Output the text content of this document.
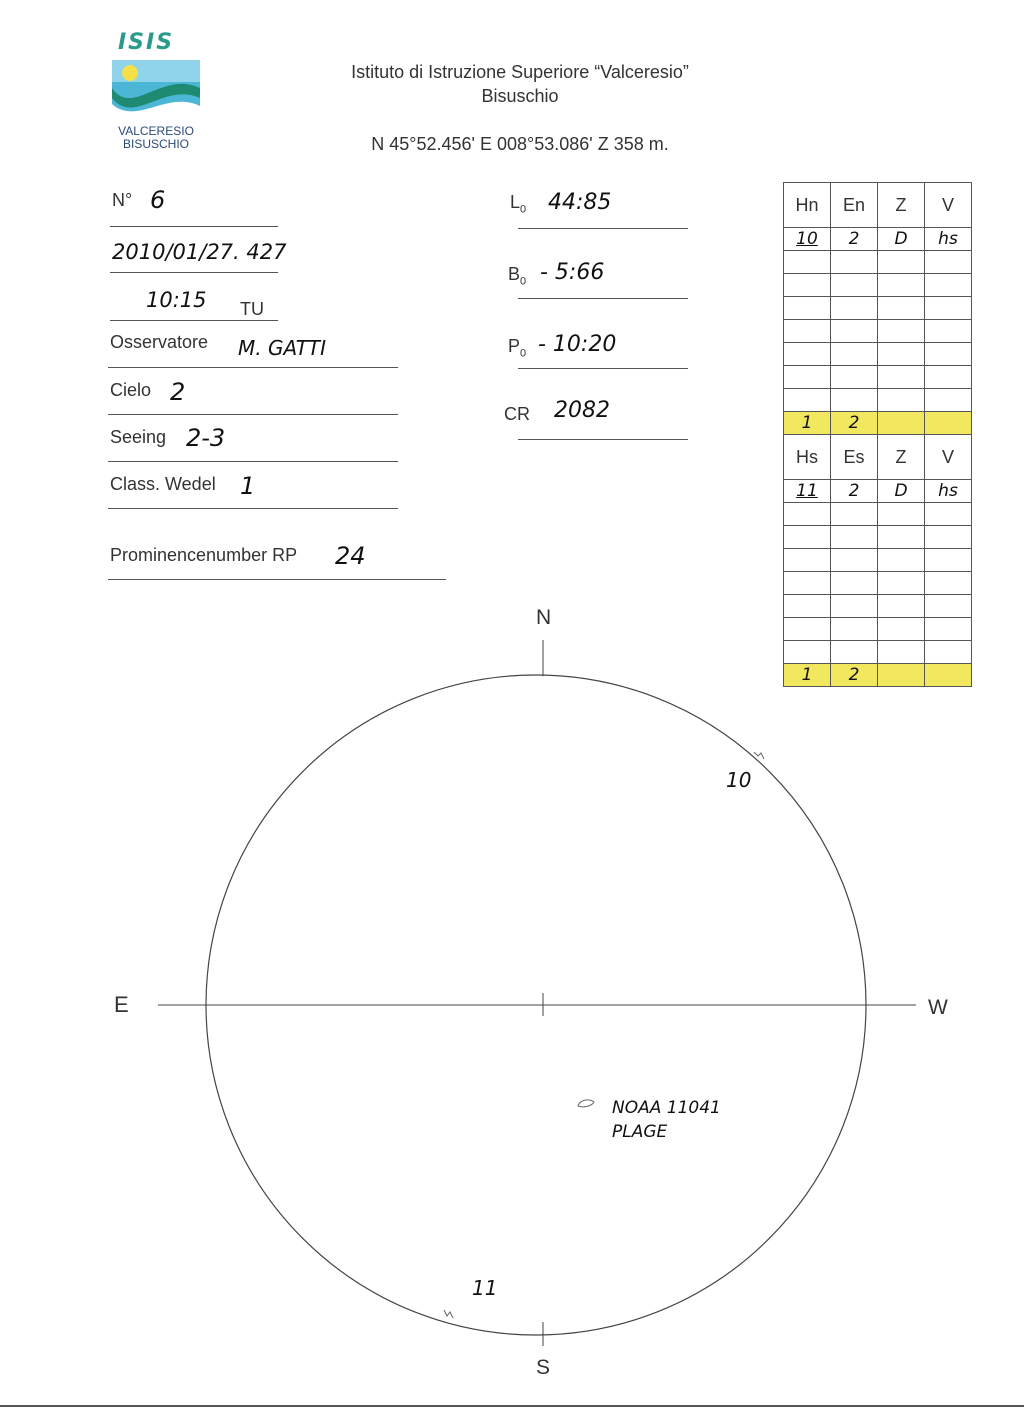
ISIS
VALCERESIO
BISUSCHIO
Istituto di Istruzione Superiore “Valceresio”
Bisuschio
N 45°52.456' E 008°53.086' Z 358 m.
N° 6
2010/01/27. 427
10:15 TU
Osservatore M. GATTI
Cielo 2
Seeing 2-3
Class. Wedel 1
Prominencenumber RP 24
$L_0$ 44:85
$B_0$ - 5:66
$P_0$ - 10:20
CR 2082
Hn	En	Z	V
10	2	D	hs

1	2		
Hs	Es	Z	V
11	2	D	hs

1	2		
N
S
E	W
10
11
NOAA 11041
PLAGE
